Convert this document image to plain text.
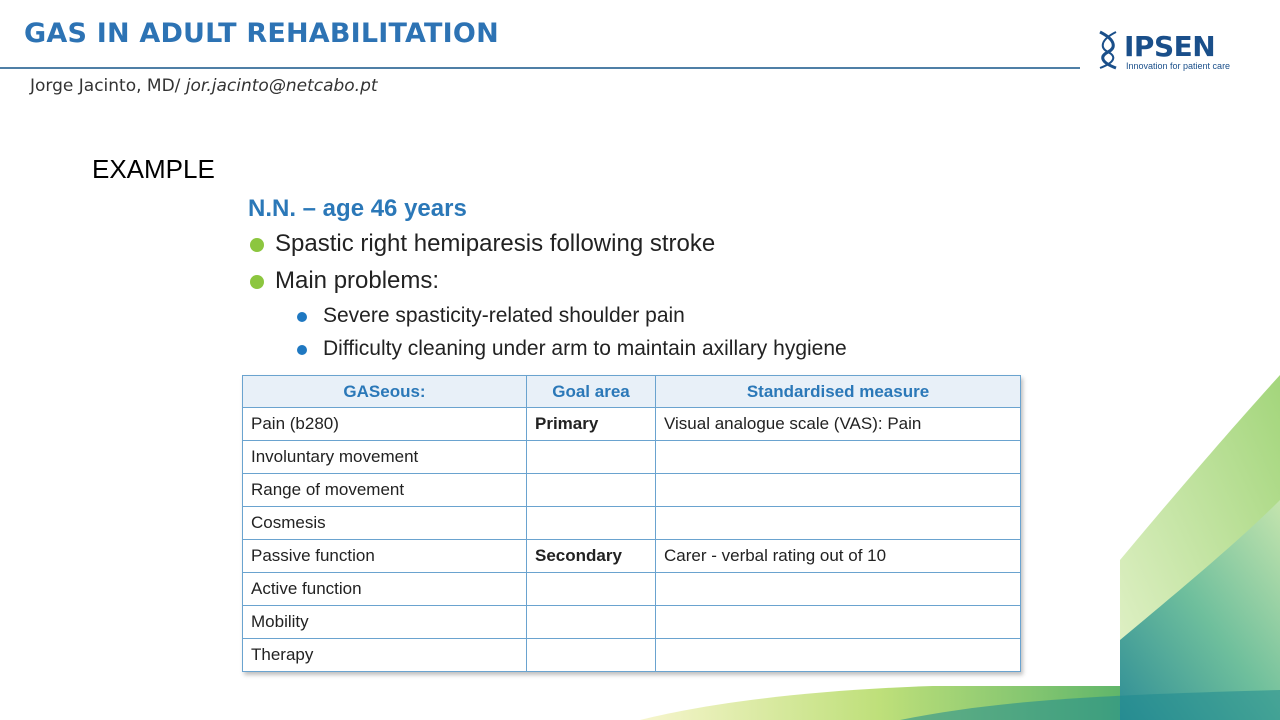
GAS IN ADULT REHABILITATION
Jorge Jacinto, MD/ jor.jacinto@netcabo.pt
IPSEN
Innovation for patient care
EXAMPLE
N.N. – age 46 years
Spastic right hemiparesis following stroke
Main problems:
Severe spasticity-related shoulder pain
Difficulty cleaning under arm to maintain axillary hygiene
GASeous:	Goal area	Standardised measure
Pain (b280)	Primary	Visual analogue scale (VAS): Pain
Involuntary movement		
Range of movement		
Cosmesis		
Passive function	Secondary	Carer - verbal rating out of 10
Active function		
Mobility		
Therapy		
